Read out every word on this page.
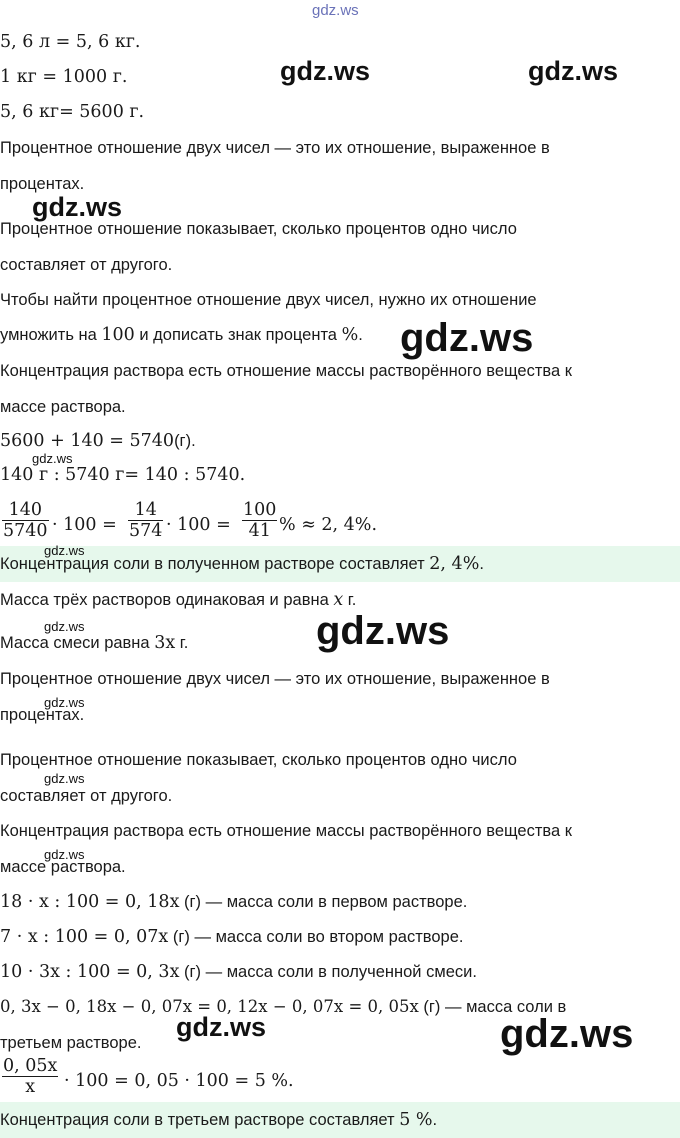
5, 6 л = 5, 6 кг.
1 кг = 1000 г.
5, 6 кг= 5600 г.
Процентное отношение двух чисел — это их отношение, выраженное в
процентах.
Процентное отношение показывает, сколько процентов одно число
составляет от другого.
Чтобы найти процентное отношение двух чисел, нужно их отношение
умножить на 100 и дописать знак процента %.
Концентрация раствора есть отношение массы растворённого вещества к
массе раствора.
5600 + 140 = 5740(г).
140 г : 5740 г= 140 : 5740.
$\frac{140}{5740} \cdot 100 = \frac{14}{574} \cdot 100 = \frac{100}{41}$ % ≈ 2, 4%.
Концентрация соли в полученном растворе составляет 2, 4%.
Масса трёх растворов одинаковая и равна x г.
Масса смеси равна 3x г.
Процентное отношение двух чисел — это их отношение, выраженное в
процентах.
Процентное отношение показывает, сколько процентов одно число
составляет от другого.
Концентрация раствора есть отношение массы растворённого вещества к
массе раствора.
18 · x : 100 = 0, 18x (г) — масса соли в первом растворе.
7 · x : 100 = 0, 07x (г) — масса соли во втором растворе.
10 · 3x : 100 = 0, 3x (г) — масса соли в полученной смеси.
0, 3x − 0, 18x − 0, 07x = 0, 12x − 0, 07x = 0, 05x (г) — масса соли в
третьем растворе.
$\frac{0, 05x}{x} \cdot 100 = 0$, 05 · 100 = 5 %.
Концентрация соли в третьем растворе составляет 5 %.
gdz.ws
gdz.ws	gdz.ws
gdz.ws
gdz.ws
gdz.ws
gdz.ws
gdz.ws	gdz.ws
gdz.ws
gdz.ws
gdz.ws
gdz.ws	gdz.ws
